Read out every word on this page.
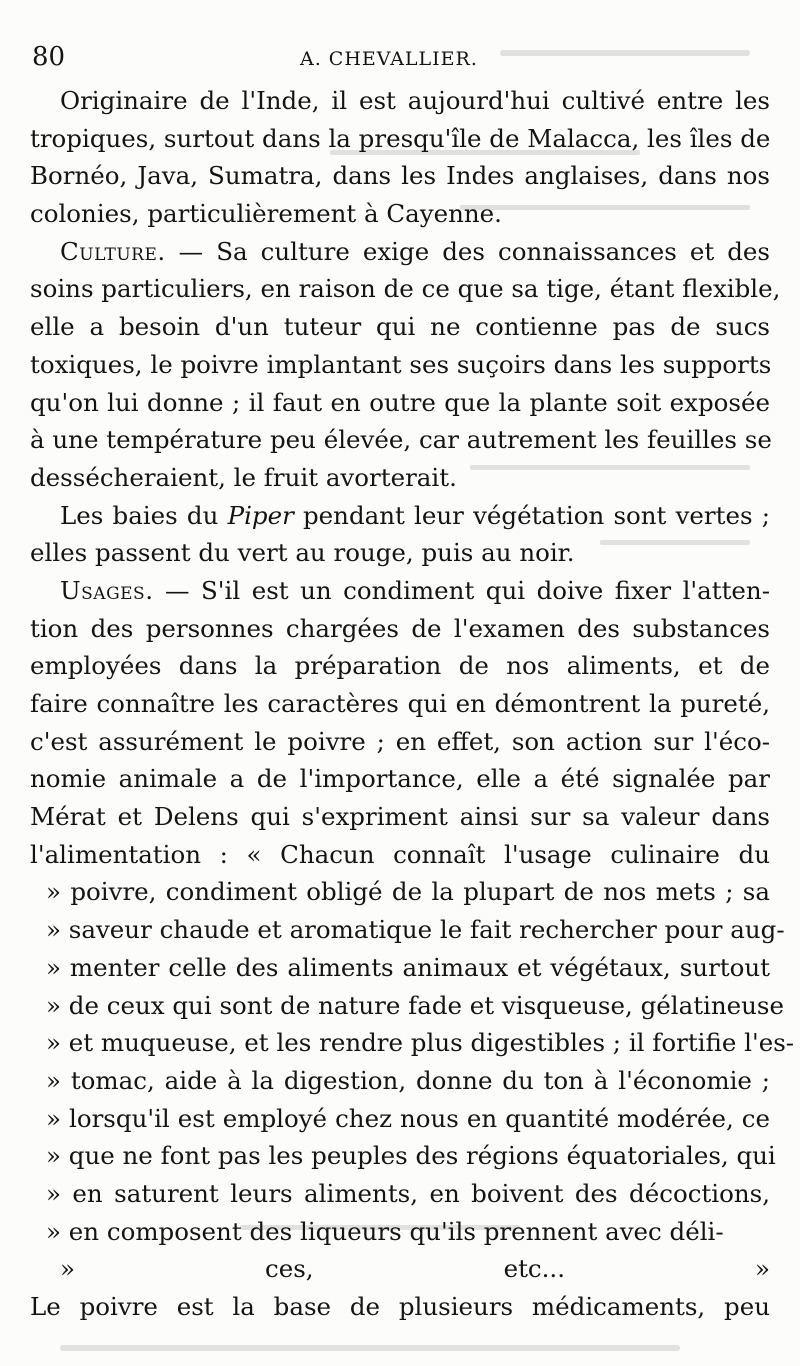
80	A. CHEVALLIER.
Originaire de l'Inde, il est aujourd'hui cultivé entre les
tropiques, surtout dans la presqu'île de Malacca, les îles de
Bornéo, Java, Sumatra, dans les Indes anglaises, dans nos
colonies, particulièrement à Cayenne.
Culture. — Sa culture exige des connaissances et des
soins particuliers, en raison de ce que sa tige, étant flexible,
elle a besoin d'un tuteur qui ne contienne pas de sucs
toxiques, le poivre implantant ses suçoirs dans les supports
qu'on lui donne ; il faut en outre que la plante soit exposée
à une température peu élevée, car autrement les feuilles se
dessécheraient, le fruit avorterait.
Les baies du Piper pendant leur végétation sont vertes ;
elles passent du vert au rouge, puis au noir.
Usages. — S'il est un condiment qui doive fixer l'atten-
tion des personnes chargées de l'examen des substances
employées dans la préparation de nos aliments, et de
faire connaître les caractères qui en démontrent la pureté,
c'est assurément le poivre ; en effet, son action sur l'éco-
nomie animale a de l'importance, elle a été signalée par
Mérat et Delens qui s'expriment ainsi sur sa valeur dans
l'alimentation : « Chacun connaît l'usage culinaire du
» poivre, condiment obligé de la plupart de nos mets ; sa
» saveur chaude et aromatique le fait rechercher pour aug-
» menter celle des aliments animaux et végétaux, surtout
» de ceux qui sont de nature fade et visqueuse, gélatineuse
» et muqueuse, et les rendre plus digestibles ; il fortifie l'es-
» tomac, aide à la digestion, donne du ton à l'économie ;
» lorsqu'il est employé chez nous en quantité modérée, ce
» que ne font pas les peuples des régions équatoriales, qui
» en saturent leurs aliments, en boivent des décoctions,
» en composent des liqueurs qu'ils prennent avec déli-
» ces, etc... »
Le poivre est la base de plusieurs médicaments, peu
